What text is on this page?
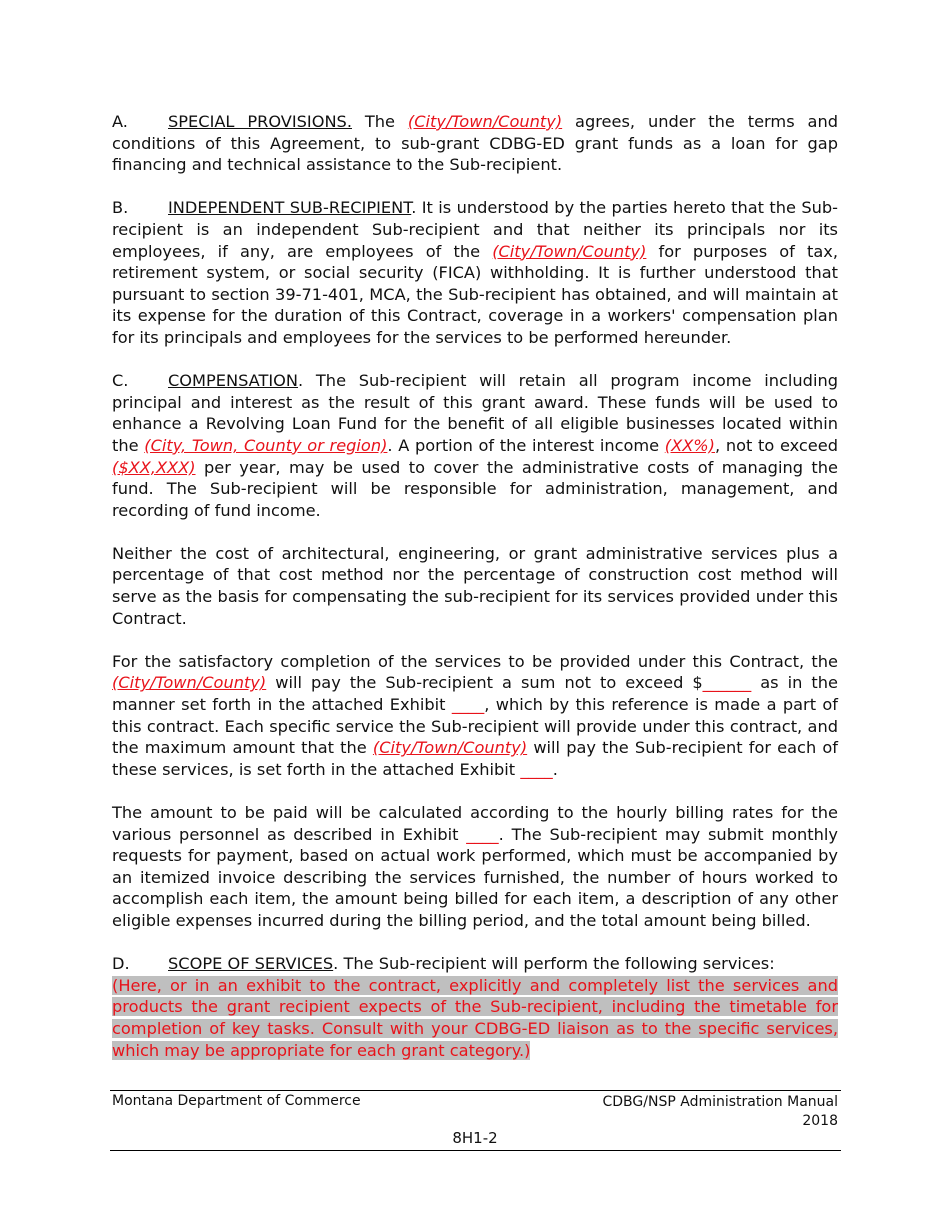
A. SPECIAL PROVISIONS. The (City/Town/County) agrees, under the terms and conditions of this Agreement, to sub-grant CDBG-ED grant funds as a loan for gap financing and technical assistance to the Sub-recipient.

B. INDEPENDENT SUB-RECIPIENT. It is understood by the parties hereto that the Sub-recipient is an independent Sub-recipient and that neither its principals nor its employees, if any, are employees of the (City/Town/County) for purposes of tax, retirement system, or social security (FICA) withholding. It is further understood that pursuant to section 39-71-401, MCA, the Sub-recipient has obtained, and will maintain at its expense for the duration of this Contract, coverage in a workers' compensation plan for its principals and employees for the services to be performed hereunder.

C. COMPENSATION. The Sub-recipient will retain all program income including principal and interest as the result of this grant award. These funds will be used to enhance a Revolving Loan Fund for the benefit of all eligible businesses located within the (City, Town, County or region). A portion of the interest income (XX%), not to exceed ($XX,XXX) per year, may be used to cover the administrative costs of managing the fund. The Sub-recipient will be responsible for administration, management, and recording of fund income.

Neither the cost of architectural, engineering, or grant administrative services plus a percentage of that cost method nor the percentage of construction cost method will serve as the basis for compensating the sub-recipient for its services provided under this Contract.

For the satisfactory completion of the services to be provided under this Contract, the (City/Town/County) will pay the Sub-recipient a sum not to exceed $______ as in the manner set forth in the attached Exhibit ____, which by this reference is made a part of this contract. Each specific service the Sub-recipient will provide under this contract, and the maximum amount that the (City/Town/County) will pay the Sub-recipient for each of these services, is set forth in the attached Exhibit ____.

The amount to be paid will be calculated according to the hourly billing rates for the various personnel as described in Exhibit ____. The Sub-recipient may submit monthly requests for payment, based on actual work performed, which must be accompanied by an itemized invoice describing the services furnished, the number of hours worked to accomplish each item, the amount being billed for each item, a description of any other eligible expenses incurred during the billing period, and the total amount being billed.

D. SCOPE OF SERVICES. The Sub-recipient will perform the following services:
(Here, or in an exhibit to the contract, explicitly and completely list the services and products the grant recipient expects of the Sub-recipient, including the timetable for completion of key tasks. Consult with your CDBG-ED liaison as to the specific services, which may be appropriate for each grant category.)

Montana Department of Commerce	CDBG/NSP Administration Manual
2018
8H1-2
